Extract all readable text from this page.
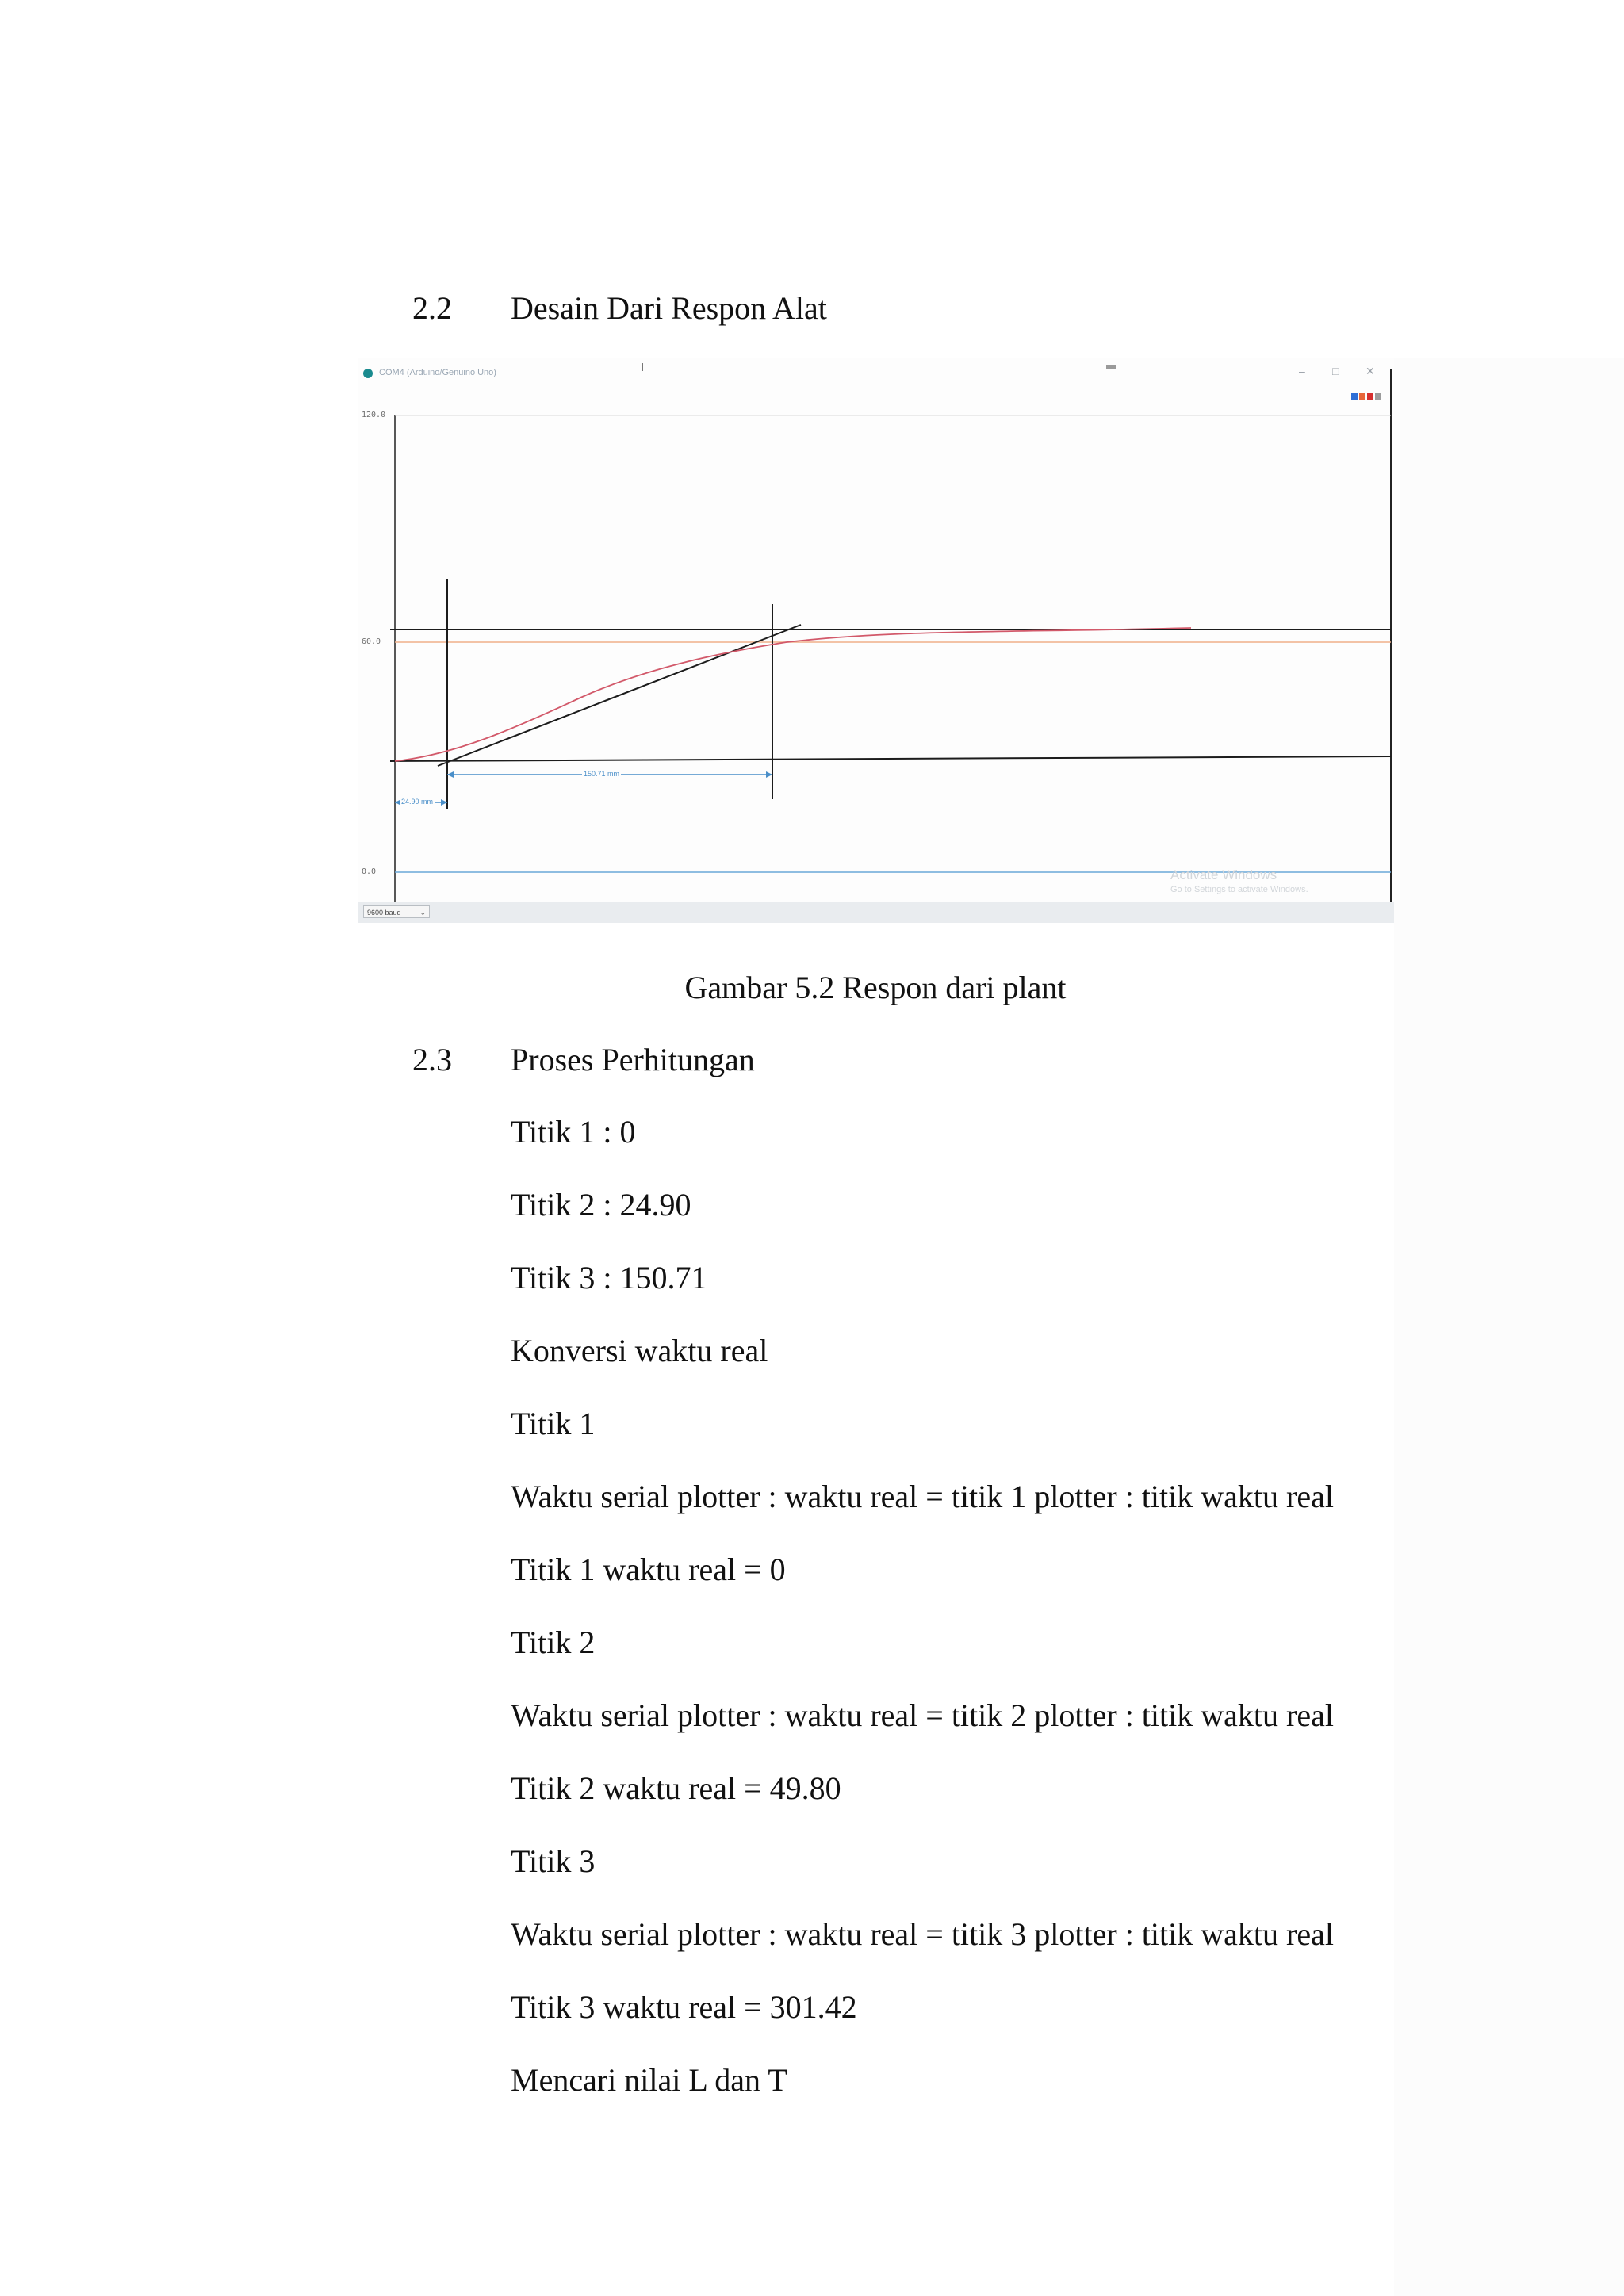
2.2 Desain Dari Respon Alat
COM4 (Arduino/Genuino Uno)	– □ ✕
120.0
60.0
0.0
24.90 mm
150.71 mm
Activate Windows
Go to Settings to activate Windows.
9600 baud	⌄
Gambar 5.2 Respon dari plant
2.3 Proses Perhitungan
Titik 1 : 0
Titik 2 : 24.90
Titik 3 : 150.71
Konversi waktu real
Titik 1
Waktu serial plotter : waktu real = titik 1 plotter : titik waktu real
Titik 1 waktu real = 0
Titik 2
Waktu serial plotter : waktu real = titik 2 plotter : titik waktu real
Titik 2 waktu real = 49.80
Titik 3
Waktu serial plotter : waktu real = titik 3 plotter : titik waktu real
Titik 3 waktu real = 301.42
Mencari nilai L dan T
